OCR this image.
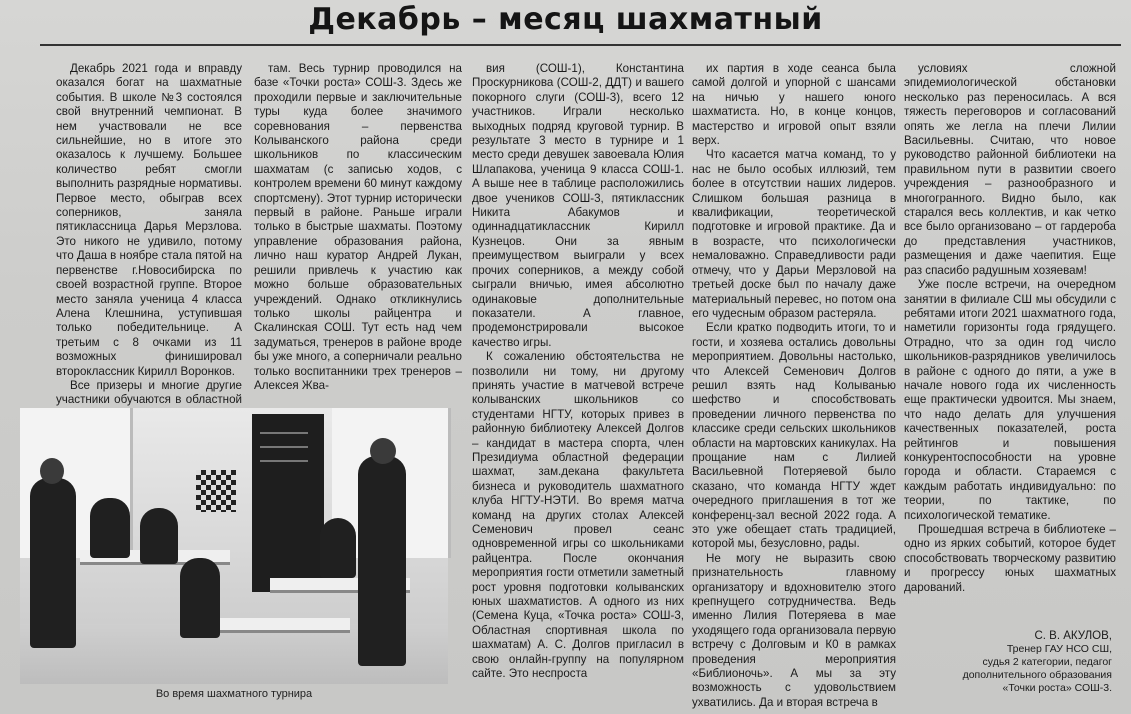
Декабрь – месяц шахматный

Декабрь 2021 года и вправду оказался богат на шахматные события. В школе №3 состоялся свой внутренний чемпионат. В нем участвовали не все сильнейшие, но в итоге это оказалось к лучшему. Большее количество ребят смогли выполнить разрядные нормативы. Первое место, обыграв всех соперников, заняла пятиклассница Дарья Мерзлова. Это никого не удивило, потому что Даша в ноябре стала пятой на первенстве г.Новосибирска по своей возрастной группе. Второе место заняла ученица 4 класса Алена Клешнина, уступившая только победительнице. А третьим с 8 очками из 11 возможных финишировал второклассник Кирилл Воронков.

Все призеры и многие другие участники обучаются в областной

там. Весь турнир проводился на базе «Точки роста» СОШ-3. Здесь же проходили первые и заключительные туры куда более значимого соревнования – первенства Колыванского района среди школьников по классическим шахматам (с записью ходов, с контролем времени 60 минут каждому спортсмену). Этот турнир исторически первый в районе. Раньше играли только в быстрые шахматы. Поэтому управление образования района, лично наш куратор Андрей Лукан, решили привлечь к участию как можно больше образовательных учреждений. Однако откликнулись только школы райцентра и Скалинская СОШ. Тут есть над чем задуматься, тренеров в районе вроде бы уже много, а соперничали реально только воспитанники трех тренеров – Алексея Жва-

вия (СОШ-1), Константина Проскурникова (СОШ-2, ДДТ) и вашего покорного слуги (СОШ-3), всего 12 участников. Играли несколько выходных подряд круговой турнир. В результате 3 место в турнире и 1 место среди девушек завоевала Юлия Шлапакова, ученица 9 класса СОШ-1. А выше нее в таблице расположились двое учеников СОШ-3, пятиклассник Никита Абакумов и одиннадцатиклассник Кирилл Кузнецов. Они за явным преимуществом выиграли у всех прочих соперников, а между собой сыграли вничью, имея абсолютно одинаковые дополнительные показатели. А главное, продемонстрировали высокое качество игры.

К сожалению обстоятельства не позволили ни тому, ни другому принять участие в матчевой встрече колыванских школьников со студентами НГТУ, которых привез в районную библиотеку Алексей Долгов – кандидат в мастера спорта, член Президиума областной федерации шахмат, зам.декана факультета бизнеса и руководитель шахматного клуба НГТУ-НЭТИ. Во время матча команд на других столах Алексей Семенович провел сеанс одновременной игры со школьниками райцентра. После окончания мероприятия гости отметили заметный рост уровня подготовки колыванских юных шахматистов. А одного из них (Семена Куца, «Точка роста» СОШ-3, Областная спортивная школа по шахматам) А. С. Долгов пригласил в свою онлайн-группу на популярном сайте. Это неспроста

их партия в ходе сеанса была самой долгой и упорной с шансами на ничью у нашего юного шахматиста. Но, в конце концов, мастерство и игровой опыт взяли верх.

Что касается матча команд, то у нас не было особых иллюзий, тем более в отсутствии наших лидеров. Слишком большая разница в квалификации, теоретической подготовке и игровой практике. Да и в возрасте, что психологически немаловажно. Справедливости ради отмечу, что у Дарьи Мерзловой на третьей доске был по началу даже материальный перевес, но потом она его чудесным образом растеряла.

Если кратко подводить итоги, то и гости, и хозяева остались довольны мероприятием. Довольны настолько, что Алексей Семенович Долгов решил взять над Колыванью шефство и способствовать проведении личного первенства по классике среди сельских школьников области на мартовских каникулах. На прощание нам с Лилией Васильевной Потеряевой было сказано, что команда НГТУ ждет очередного приглашения в тот же конференц-зал весной 2022 года. А это уже обещает стать традицией, которой мы, безусловно, рады.

Не могу не выразить свою признательность главному организатору и вдохновителю этого крепнущего сотрудничества. Ведь именно Лилия Потеряева в мае уходящего года организовала первую встречу с Долговым и К0 в рамках проведения мероприятия «Библионочь». А мы за эту возможность с удовольствием ухватились. Да и вторая встреча в

условиях сложной эпидемиологической обстановки несколько раз переносилась. А вся тяжесть переговоров и согласований опять же легла на плечи Лилии Васильевны. Считаю, что новое руководство районной библиотеки на правильном пути в развитии своего учреждения – разнообразного и многогранного. Видно было, как старался весь коллектив, и как четко все было организовано – от гардероба до представления участников, размещения и даже чаепития. Еще раз спасибо радушным хозяевам!

Уже после встречи, на очередном занятии в филиале СШ мы обсудили с ребятами итоги 2021 шахматного года, наметили горизонты года грядущего. Отрадно, что за один год число школьников-разрядников увеличилось в районе с одного до пяти, а уже в начале нового года их численность еще практически удвоится. Мы знаем, что надо делать для улучшения качественных показателей, роста рейтингов и повышения конкурентоспособности на уровне города и области. Стараемся с каждым работать индивидуально: по теории, по тактике, по психологической тематике.

Прошедшая встреча в библиотеке – одно из ярких событий, которое будет способствовать творческому развитию и прогрессу юных шахматных дарований.

Во время шахматного турнира
С. В. АКУЛОВ,
Тренер ГАУ НСО СШ,
судья 2 категории, педагог
дополнительного образования
«Точки роста» СОШ-3.
